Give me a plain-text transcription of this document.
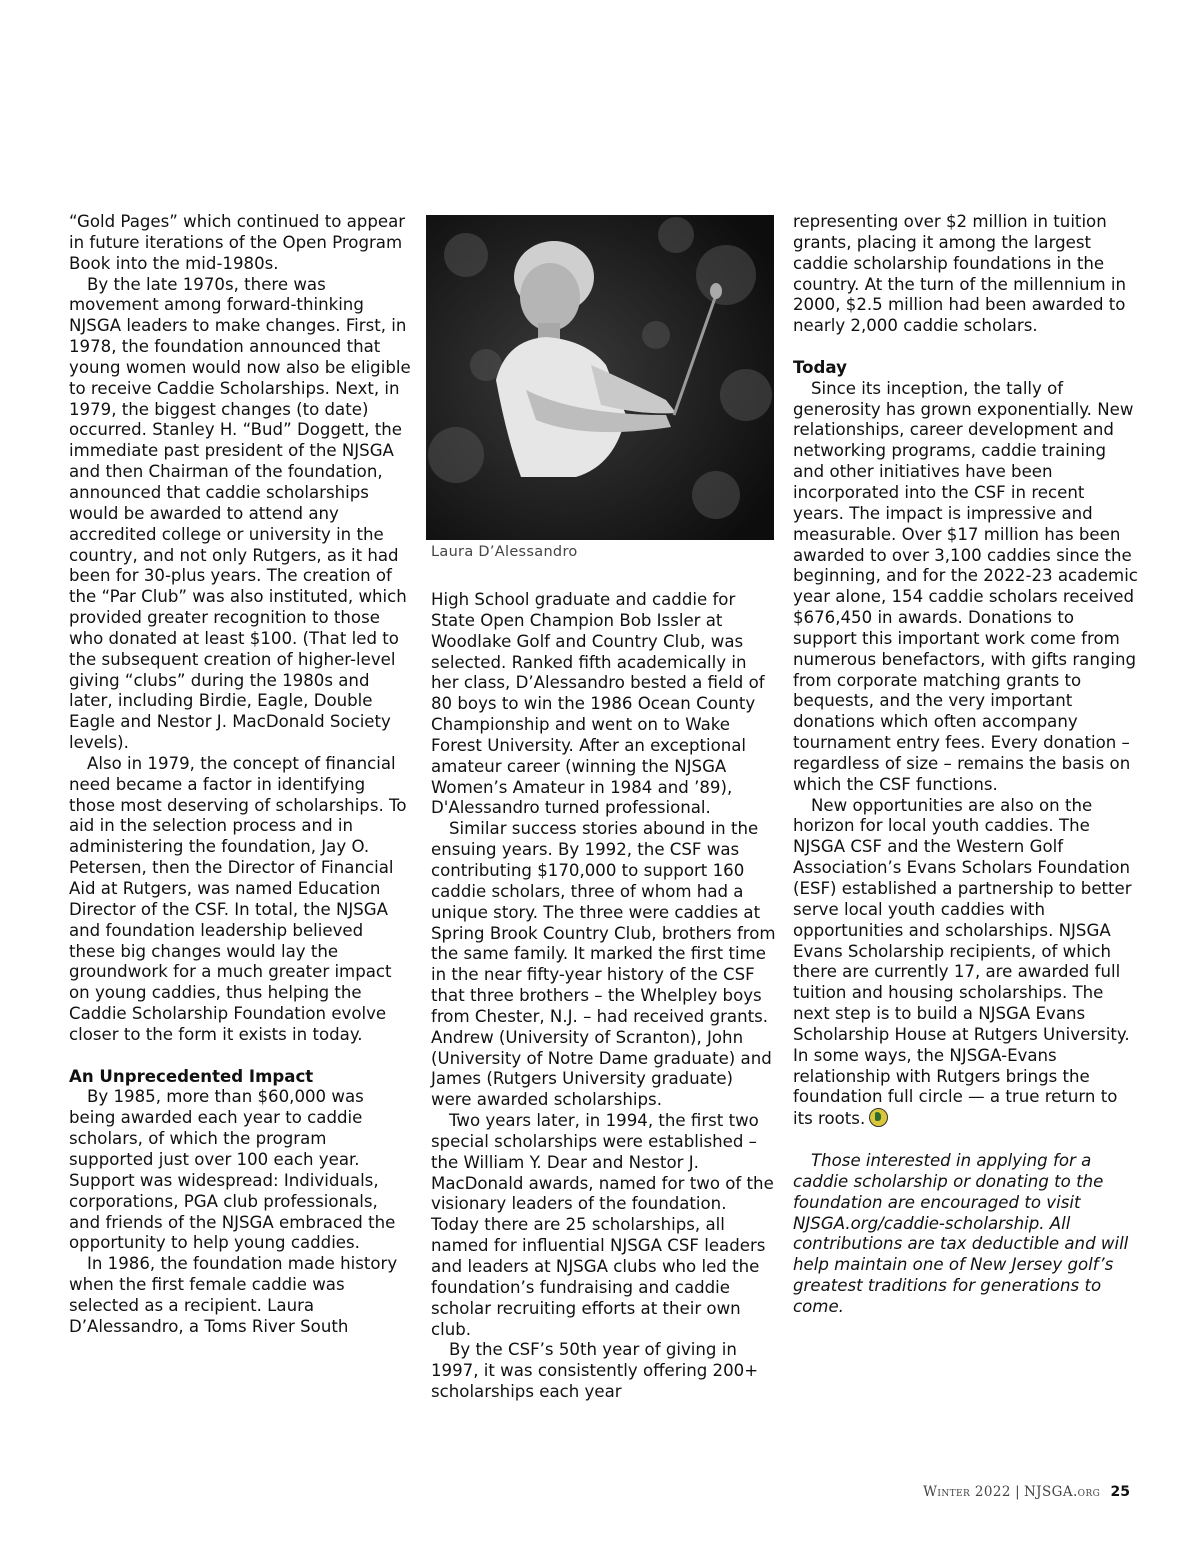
“Gold Pages” which continued to appear in future iterations of the Open Program Book into the mid-1980s.

By the late 1970s, there was movement among forward-thinking NJSGA leaders to make changes. First, in 1978, the foundation announced that young women would now also be eligible to receive Caddie Scholarships. Next, in 1979, the biggest changes (to date) occurred. Stanley H. “Bud” Doggett, the immediate past president of the NJSGA and then Chairman of the foundation, announced that caddie scholarships would be awarded to attend any accredited college or university in the country, and not only Rutgers, as it had been for 30-plus years. The creation of the “Par Club” was also instituted, which provided greater recognition to those who donated at least $100. (That led to the subsequent creation of higher-level giving “clubs” during the 1980s and later, including Birdie, Eagle, Double Eagle and Nestor J. MacDonald Society levels).

Also in 1979, the concept of financial need became a factor in identifying those most deserving of scholarships. To aid in the selection process and in administering the foundation, Jay O. Petersen, then the Director of Financial Aid at Rutgers, was named Education Director of the CSF. In total, the NJSGA and foundation leadership believed these big changes would lay the groundwork for a much greater impact on young caddies, thus helping the Caddie Scholarship Foundation evolve closer to the form it exists in today.

An Unprecedented Impact

By 1985, more than $60,000 was being awarded each year to caddie scholars, of which the program supported just over 100 each year. Support was widespread: Individuals, corporations, PGA club professionals, and friends of the NJSGA embraced the opportunity to help young caddies.

In 1986, the foundation made history when the first female caddie was selected as a recipient. Laura D’Alessandro, a Toms River South

Laura D’Alessandro

High School graduate and caddie for State Open Champion Bob Issler at Woodlake Golf and Country Club, was selected. Ranked fifth academically in her class, D’Alessandro bested a field of 80 boys to win the 1986 Ocean County Championship and went on to Wake Forest University. After an exceptional amateur career (winning the NJSGA Women’s Amateur in 1984 and ’89), D'Alessandro turned professional.

Similar success stories abound in the ensuing years. By 1992, the CSF was contributing $170,000 to support 160 caddie scholars, three of whom had a unique story. The three were caddies at Spring Brook Country Club, brothers from the same family. It marked the first time in the near fifty-year history of the CSF that three brothers – the Whelpley boys from Chester, N.J. – had received grants. Andrew (University of Scranton), John (University of Notre Dame graduate) and James (Rutgers University graduate) were awarded scholarships.

Two years later, in 1994, the first two special scholarships were established – the William Y. Dear and Nestor J. MacDonald awards, named for two of the visionary leaders of the foundation. Today there are 25 scholarships, all named for influential NJSGA CSF leaders and leaders at NJSGA clubs who led the foundation’s fundraising and caddie scholar recruiting efforts at their own club.

By the CSF’s 50th year of giving in 1997, it was consistently offering 200+ scholarships each year

representing over $2 million in tuition grants, placing it among the largest caddie scholarship foundations in the country. At the turn of the millennium in 2000, $2.5 million had been awarded to nearly 2,000 caddie scholars.

Today

Since its inception, the tally of generosity has grown exponentially. New relationships, career development and networking programs, caddie training and other initiatives have been incorporated into the CSF in recent years. The impact is impressive and measurable. Over $17 million has been awarded to over 3,100 caddies since the beginning, and for the 2022-23 academic year alone, 154 caddie scholars received $676,450 in awards. Donations to support this important work come from numerous benefactors, with gifts ranging from corporate matching grants to bequests, and the very important donations which often accompany tournament entry fees. Every donation – regardless of size – remains the basis on which the CSF functions.

New opportunities are also on the horizon for local youth caddies. The NJSGA CSF and the Western Golf Association’s Evans Scholars Foundation (ESF) established a partnership to better serve local youth caddies with opportunities and scholarships. NJSGA Evans Scholarship recipients, of which there are currently 17, are awarded full tuition and housing scholarships. The next step is to build a NJSGA Evans Scholarship House at Rutgers University. In some ways, the NJSGA-Evans relationship with Rutgers brings the foundation full circle — a true return to its roots.

Those interested in applying for a caddie scholarship or donating to the foundation are encouraged to visit NJSGA.org/caddie-scholarship. All contributions are tax deductible and will help maintain one of New Jersey golf’s greatest traditions for generations to come.

Winter 2022 | NJSGA.org 25
